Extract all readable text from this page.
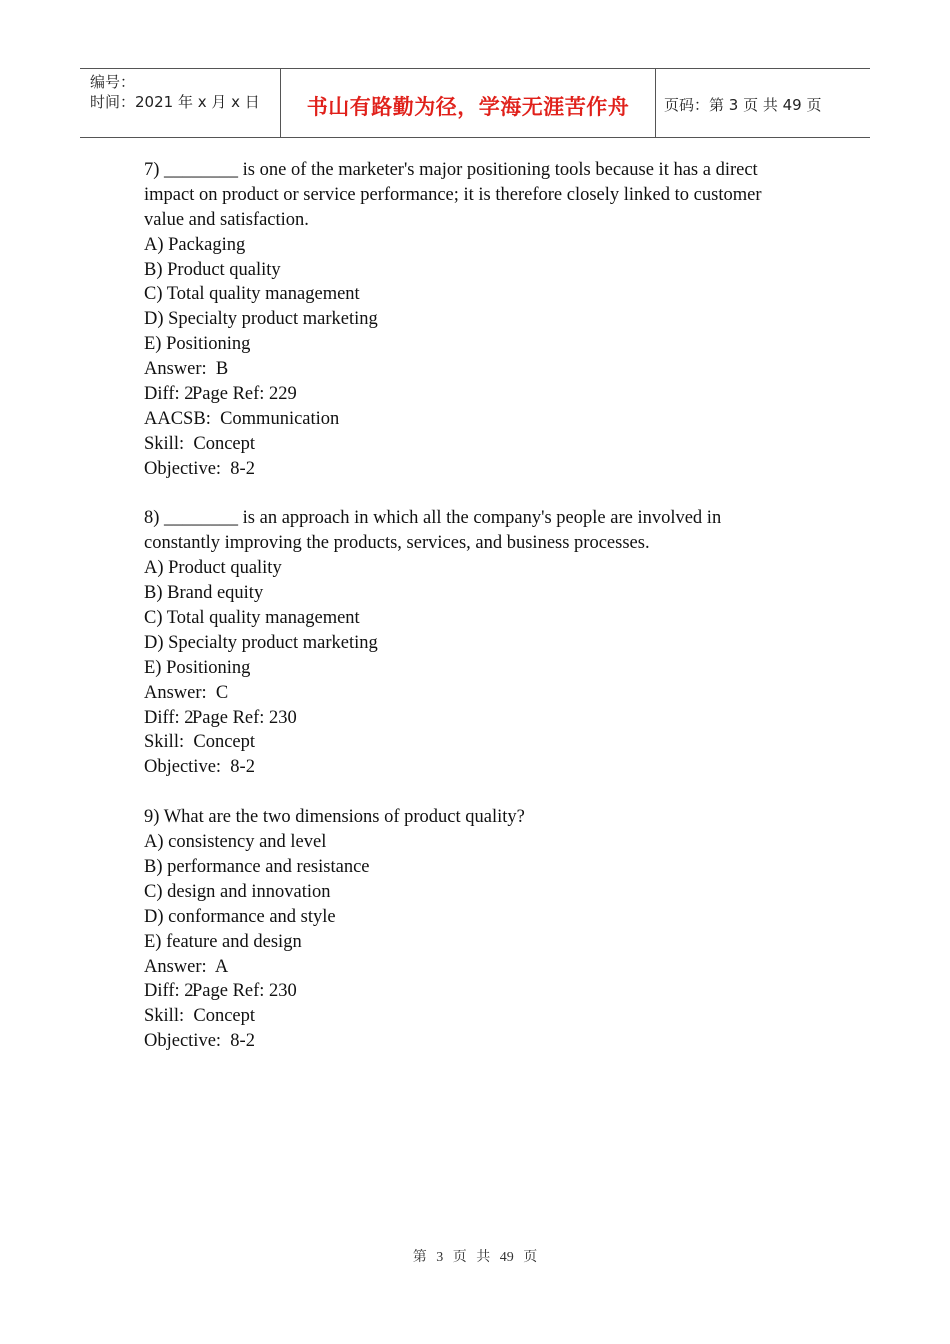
编号：
时间：2021 年 x 月 x 日	书山有路勤为径，学海无涯苦作舟	页码：第 3 页 共 49 页
7) ________ is one of the marketer's major positioning tools because it has a direct
impact on product or service performance; it is therefore closely linked to customer
value and satisfaction.
A) Packaging
B) Product quality
C) Total quality management
D) Specialty product marketing
E) Positioning
Answer:  B
Diff: 2Page Ref: 229
AACSB:  Communication
Skill:  Concept
Objective:  8-2
8) ________ is an approach in which all the company's people are involved in
constantly improving the products, services, and business processes.
A) Product quality
B) Brand equity
C) Total quality management
D) Specialty product marketing
E) Positioning
Answer:  C
Diff: 2Page Ref: 230
Skill:  Concept
Objective:  8-2
9) What are the two dimensions of product quality?
A) consistency and level
B) performance and resistance
C) design and innovation
D) conformance and style
E) feature and design
Answer:  A
Diff: 2Page Ref: 230
Skill:  Concept
Objective:  8-2
第 3 页 共 49 页
